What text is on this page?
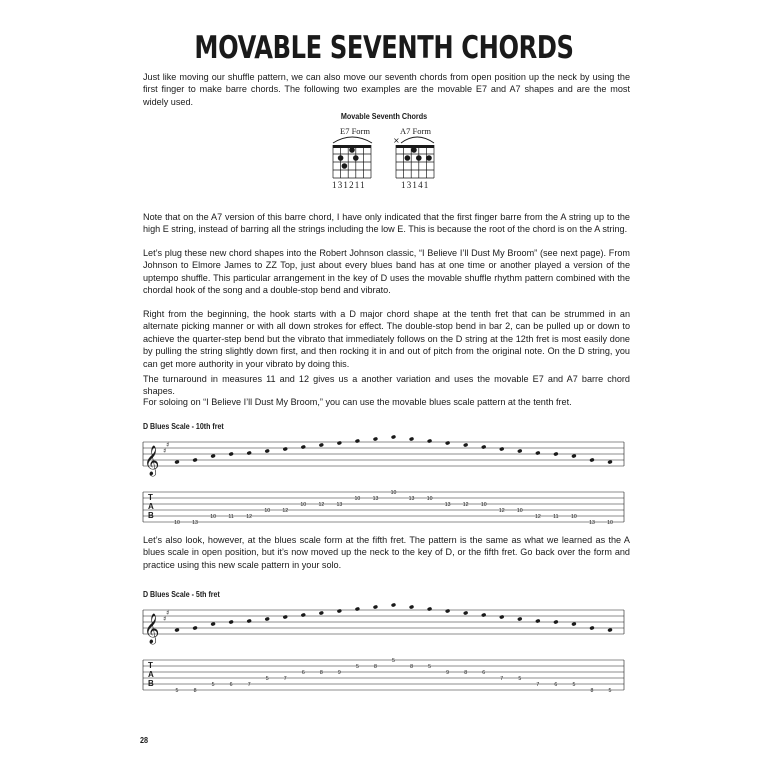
MOVABLE SEVENTH CHORDS

Just like moving our shuffle pattern, we can also move our seventh chords from open position up the neck by using the first finger to make barre chords. The following two examples are the movable E7 and A7 shapes and are the most widely used.

Movable Seventh Chords
E7 Form	A7 Form
×
131211	13141

Note that on the A7 version of this barre chord, I have only indicated that the first finger barre from the A string up to the high E string, instead of barring all the strings including the low E. This is because the root of the chord is on the A string.

Let’s plug these new chord shapes into the Robert Johnson classic, “I Believe I’ll Dust My Broom” (see next page). From Johnson to Elmore James to ZZ Top, just about every blues band has at one time or another played a version of the uptempo shuffle. This particular arrangement in the key of D uses the movable shuffle rhythm pattern combined with the chordal hook of the song and a double-stop bend and vibrato.

Right from the beginning, the hook starts with a D major chord shape at the tenth fret that can be strummed in an alternate picking manner or with all down strokes for effect. The double-stop bend in bar 2, can be pulled up or down to achieve the quarter-step bend but the vibrato that immediately follows on the D string at the 12th fret is most easily done by pulling the string slightly down first, and then rocking it in and out of pitch from the original note. On the D string, you can get more authority in your vibrato by doing this.

The turnaround in measures 11 and 12 gives us a another variation and uses the movable E7 and A7 barre chord shapes.

For soloing on “I Believe I’ll Dust My Broom,” you can use the movable blues scale pattern at the tenth fret.

D Blues Scale - 10th fret
𝄞 ♯
♯
T
A
B
10 13
10 11 12
10 12
10 12 13
10 13
10
13 10
13 12 10
12 10
12 11 10
13 10

Let’s also look, however, at the blues scale form at the fifth fret. The pattern is the same as what we learned as the A blues scale in open position, but it’s now moved up the neck to the key of D, or the fifth fret. Go back over the form and practice using this new scale pattern in your solo.

D Blues Scale - 5th fret
𝄞 ♯
♯
T
A
B
5	8
5	6	7
5	7
6	8	9
5	8
5
8	5
9	8	6
7	5
7	6	5
8	5
28
